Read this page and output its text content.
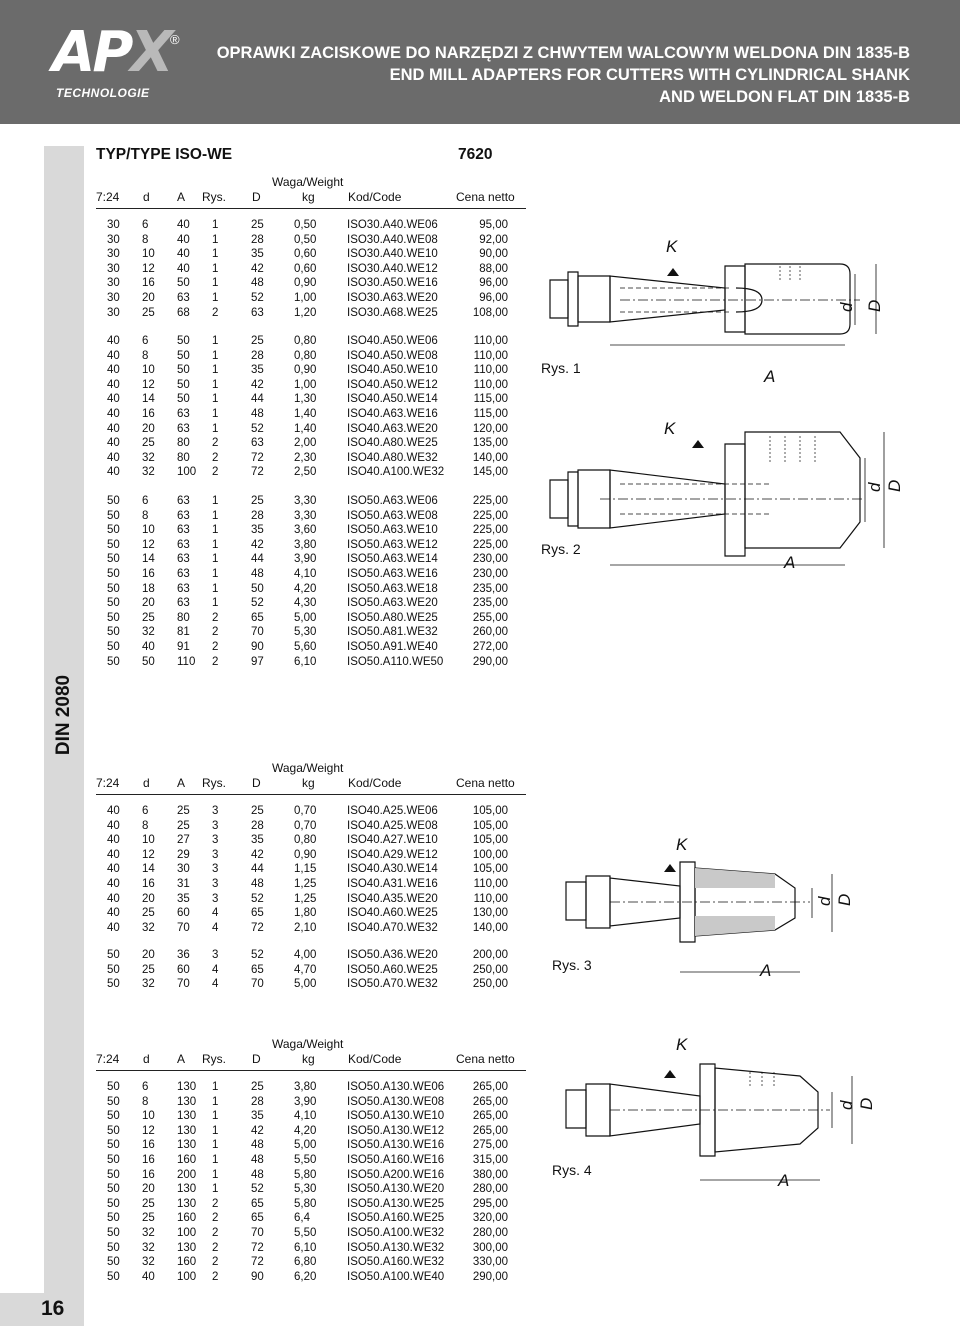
APX ®
TECHNOLOGIE
OPRAWKI ZACISKOWE DO NARZĘDZI Z CHWYTEM WALCOWYM WELDONA DIN 1835-B
END MILL ADAPTERS FOR CUTTERS WITH CYLINDRICAL SHANK
AND WELDON FLAT DIN 1835-B
DIN 2080
16
TYP/TYPE ISO-WE	7620
Waga/Weight
7:24 d A Rys. D	kg	Kod/Code	Cena netto
Waga/Weight
7:24 d A Rys. D	kg	Kod/Code	Cena netto
Waga/Weight
7:24 d A Rys. D	kg	Kod/Code	Cena netto
30 6 40 1	25	0,50	ISO30.A40.WE06	95,00
30 8 40 1	28	0,50	ISO30.A40.WE08	92,00
30 10 40 1	35	0,60	ISO30.A40.WE10	90,00
30 12 40 1	42	0,60	ISO30.A40.WE12	88,00
30 16 50 1	48	0,90	ISO30.A50.WE16	96,00
30 20 63 1	52	1,00	ISO30.A63.WE20	96,00
30 25 68 2	63	1,20	ISO30.A68.WE25	108,00
40 6 50 1	25	0,80	ISO40.A50.WE06	110,00
40 8 50 1	28	0,80	ISO40.A50.WE08	110,00
40 10 50 1	35	0,90	ISO40.A50.WE10	110,00
40 12 50 1	42	1,00	ISO40.A50.WE12	110,00
40 14 50 1	44	1,30	ISO40.A50.WE14	115,00
40 16 63 1	48	1,40	ISO40.A63.WE16	115,00
40 20 63 1	52	1,40	ISO40.A63.WE20	120,00
40 25 80 2	63	2,00	ISO40.A80.WE25	135,00
40 32 80 2	72	2,30	ISO40.A80.WE32	140,00
40 32 100 2	72	2,50	ISO40.A100.WE32 145,00
50 6 63 1	25	3,30	ISO50.A63.WE06	225,00
50 8 63 1	28	3,30	ISO50.A63.WE08	225,00
50 10 63 1	35	3,60	ISO50.A63.WE10	225,00
50 12 63 1	42	3,80	ISO50.A63.WE12	225,00
50 14 63 1	44	3,90	ISO50.A63.WE14	230,00
50 16 63 1	48	4,10	ISO50.A63.WE16	230,00
50 18 63 1	50	4,20	ISO50.A63.WE18	235,00
50 20 63 1	52	4,30	ISO50.A63.WE20	235,00
50 25 80 2	65	5,00	ISO50.A80.WE25	255,00
50 32 81 2	70	5,30	ISO50.A81.WE32	260,00
50 40 91 2	90	5,60	ISO50.A91.WE40	272,00
50 50 110 2	97	6,10	ISO50.A110.WE50	290,00
40 6 25 3	25	0,70	ISO40.A25.WE06	105,00
40 8 25 3	28	0,70	ISO40.A25.WE08	105,00
40 10 27 3	35	0,80	ISO40.A27.WE10	105,00
40 12 29 3	42	0,90	ISO40.A29.WE12	100,00
40 14 30 3	44	1,15	ISO40.A30.WE14	105,00
40 16 31 3	48	1,25	ISO40.A31.WE16	110,00
40 20 35 3	52	1,25	ISO40.A35.WE20	110,00
40 25 60 4	65	1,80	ISO40.A60.WE25	130,00
40 32 70 4	72	2,10	ISO40.A70.WE32	140,00
50 20 36 3	52	4,00	ISO50.A36.WE20	200,00
50 25 60 4	65	4,70	ISO50.A60.WE25	250,00
50 32 70 4	70	5,00	ISO50.A70.WE32	250,00
50 6 130 1	25	3,80	ISO50.A130.WE06 265,00
50 8 130 1	28	3,90	ISO50.A130.WE08 265,00
50 10 130 1	35	4,10	ISO50.A130.WE10 265,00
50 12 130 1	42	4,20	ISO50.A130.WE12 265,00
50 16 130 1	48	5,00	ISO50.A130.WE16 275,00
50 16 160 1	48	5,50	ISO50.A160.WE16 315,00
50 16 200 1	48	5,80	ISO50.A200.WE16 380,00
50 20 130 1	52	5,30	ISO50.A130.WE20 280,00
50 25 130 2	65	5,80	ISO50.A130.WE25 295,00
50 25 160 2	65	6,4	ISO50.A160.WE25 320,00
50 32 100 2	70	5,50	ISO50.A100.WE32 280,00
50 32 130 2	72	6,10	ISO50.A130.WE32 300,00
50 32 160 2	72	6,80	ISO50.A160.WE32 330,00
50 40 100 2	90	6,20	ISO50.A100.WE40 290,00
Rys. 1
Rys. 2
Rys. 3
Rys. 4
K
A
d D
K
A
d D
K
A
d D
K
A
d D
